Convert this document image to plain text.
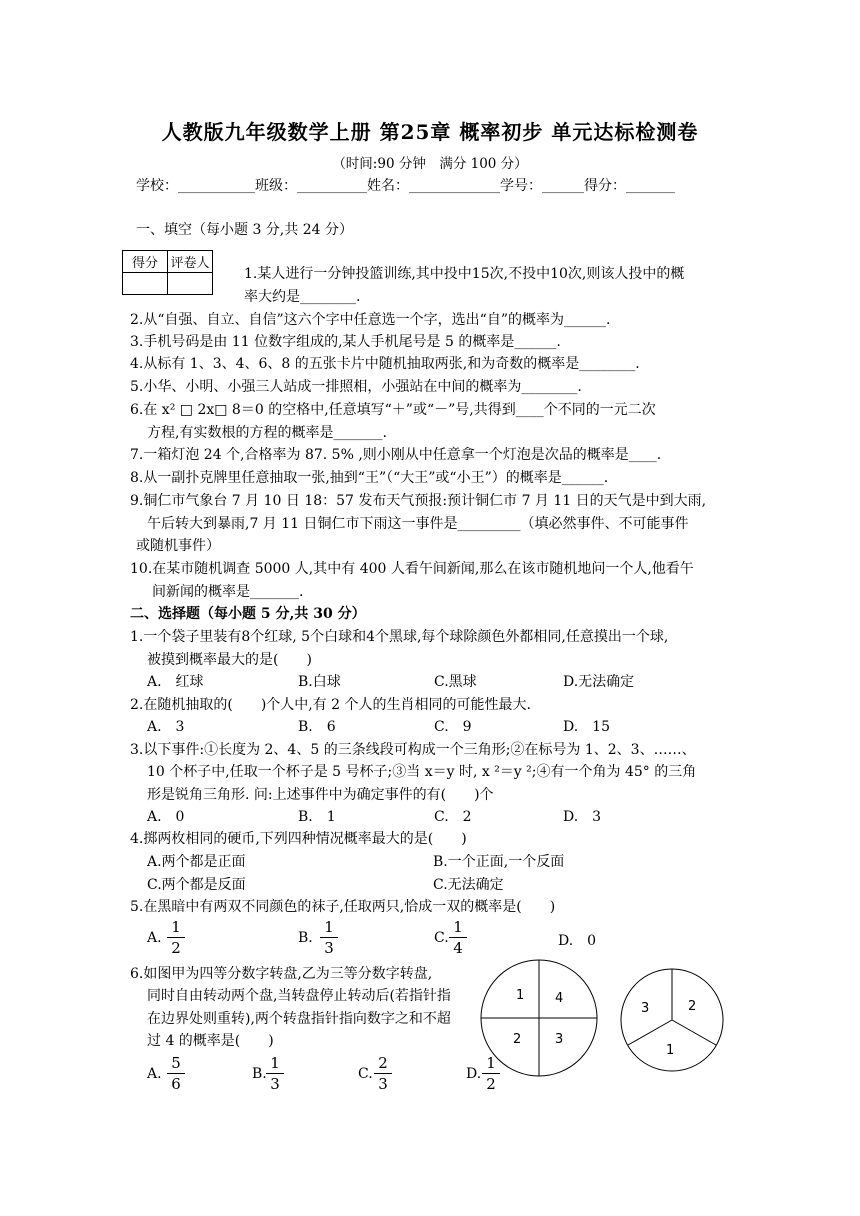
人教版九年级数学上册 第25章 概率初步 单元达标检测卷
（时间:90 分钟　满分 100 分）
学校：___________班级：__________姓名：_____________学号：______得分：_______
一、填空（每小题 3 分,共 24 分）
得分	评卷人

1.某人进行一分钟投篮训练,其中投中15次,不投中10次,则该人投中的概
率大约是________.
2.从“自强、自立、自信”这六个字中任意选一个字，选出“自”的概率为______.
3.手机号码是由 11 位数字组成的,某人手机尾号是 5 的概率是______.
4.从标有 1、3、4、6、8 的五张卡片中随机抽取两张,和为奇数的概率是________.
5.小华、小明、小强三人站成一排照相，小强站在中间的概率为________.
6.在 x² □ 2x□ 8＝0 的空格中,任意填写“＋”或“－”号,共得到____个不同的一元二次
方程,有实数根的方程的概率是_______.
7.一箱灯泡 24 个,合格率为 87. 5% ,则小刚从中任意拿一个灯泡是次品的概率是____.
8.从一副扑克牌里任意抽取一张,抽到“王”（“大王”或“小王”）的概率是______.
9.铜仁市气象台 7 月 10 日 18：57 发布天气预报:预计铜仁市 7 月 11 日的天气是中到大雨,
午后转大到暴雨,7 月 11 日铜仁市下雨这一事件是_________（填必然事件、不可能事件
或随机事件）
10.在某市随机调查 5000 人,其中有 400 人看午间新闻,那么在该市随机地问一个人,他看午
间新闻的概率是_______.
二、选择题（每小题 5 分,共 30 分）
1.一个袋子里装有8个红球, 5个白球和4个黑球,每个球除颜色外都相同,任意摸出一个球,
被摸到概率最大的是(　　)
A.　红球	B.白球	C.黑球	D.无法确定
2.在随机抽取的(　　)个人中,有 2 个人的生肖相同的可能性最大.
A.　3	B.　6	C.　9	D.　15
3.以下事件:①长度为 2、4、5 的三条线段可构成一个三角形;②在标号为 1、2、3、……、
10 个杯子中,任取一个杯子是 5 号杯子;③当 x＝y 时, x ²＝y ²;④有一个角为 45° 的三角
形是锐角三角形. 问:上述事件中为确定事件的有(　　)个
A.　0	B.　1	C.　2	D.　3
4.掷两枚相同的硬币,下列四种情况概率最大的是(　　)
A.两个都是正面	B.一个正面,一个反面
C.两个都是反面	C.无法确定
5.在黑暗中有两双不同颜色的袜子,任取两只,恰成一双的概率是(　　)
A.
1
2
B.
1
3
C.
1
4	D.　0
6.如图甲为四等分数字转盘,乙为三等分数字转盘,
同时自由转动两个盘,当转盘停止转动后(若指针指
在边界处则重转),两个转盘指针指向数字之和不超
过 4 的概率是(　　)
A.
5
6
B.
1
3
C.
2
3
D.
1
2
1 4
2	3
3	2
1
